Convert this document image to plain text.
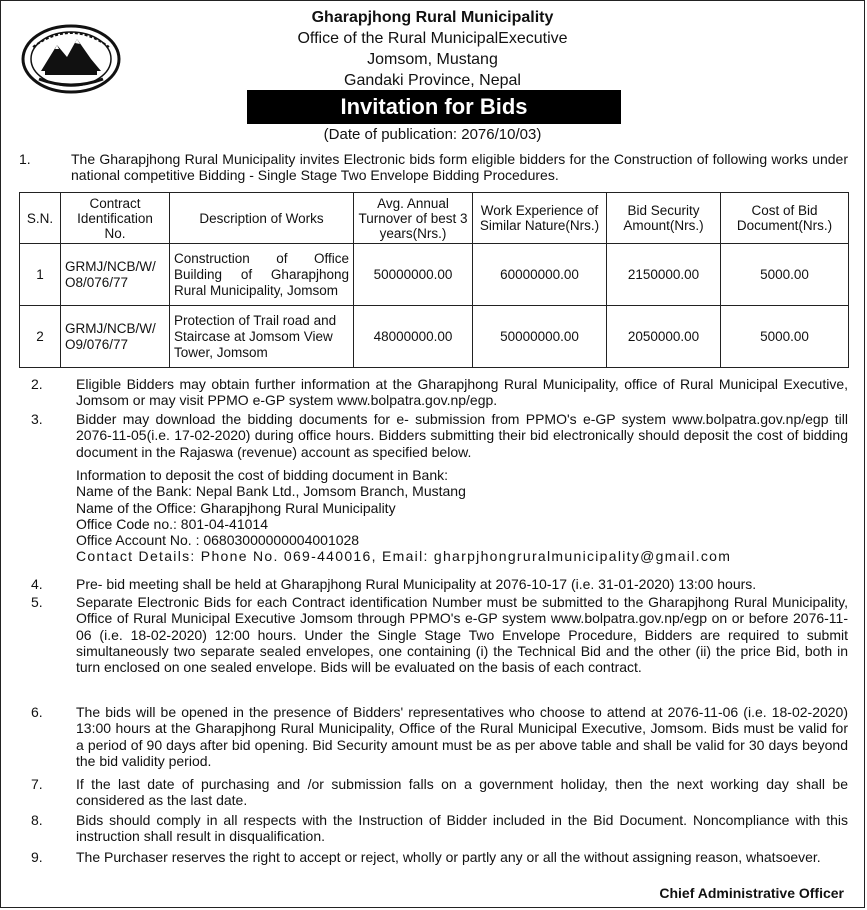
Gharapjhong Rural Municipality
Office of the Rural MunicipalExecutive
Jomsom, Mustang
Gandaki Province, Nepal
Invitation for Bids
(Date of publication: 2076/10/03)
1.	The Gharapjhong Rural Municipality invites Electronic bids form eligible bidders for the Construction of following works under national competitive Bidding - Single Stage Two Envelope Bidding Procedures.
S.N.	Contract Identification No.	Description of Works	Avg. Annual Turnover of best 3 years(Nrs.)	Work Experience of Similar Nature(Nrs.)	Bid Security Amount(Nrs.)	Cost of Bid Document(Nrs.)
1	GRMJ/NCB/W/ O8/076/77	Construction of Office Building of Gharapjhong Rural Municipality, Jomsom	50000000.00	60000000.00	2150000.00	5000.00
2	GRMJ/NCB/W/ O9/076/77	Protection of Trail road and Staircase at Jomsom View Tower, Jomsom	48000000.00	50000000.00	2050000.00	5000.00
2. Eligible Bidders may obtain further information at the Gharapjhong Rural Municipality, office of Rural Municipal Executive, Jomsom or may visit PPMO e-GP system www.bolpatra.gov.np/egp.
3. Bidder may download the bidding documents for e- submission from PPMO's e-GP system www.bolpatra.gov.np/egp till 2076-11-05(i.e. 17-02-2020) during office hours. Bidders submitting their bid electronically should deposit the cost of bidding document in the Rajaswa (revenue) account as specified below.
Information to deposit the cost of bidding document in Bank:
Name of the Bank: Nepal Bank Ltd., Jomsom Branch, Mustang
Name of the Office: Gharapjhong Rural Municipality
Office Code no.: 801-04-41014
Office Account No. : 06803000000004001028
Contact Details: Phone No. 069-440016, Email: gharpjhongruralmunicipality@gmail.com
4. Pre- bid meeting shall be held at Gharapjhong Rural Municipality at 2076-10-17 (i.e. 31-01-2020) 13:00 hours.
5. Separate Electronic Bids for each Contract identification Number must be submitted to the Gharapjhong Rural Municipality, Office of Rural Municipal Executive Jomsom through PPMO's e-GP system www.bolpatra.gov.np/egp on or before 2076-11-06 (i.e. 18-02-2020) 12:00 hours. Under the Single Stage Two Envelope Procedure, Bidders are required to submit simultaneously two separate sealed envelopes, one containing (i) the Technical Bid and the other (ii) the price Bid, both in turn enclosed on one sealed envelope. Bids will be evaluated on the basis of each contract.
6. The bids will be opened in the presence of Bidders' representatives who choose to attend at 2076-11-06 (i.e. 18-02-2020) 13:00 hours at the Gharapjhong Rural Municipality, Office of the Rural Municipal Executive, Jomsom. Bids must be valid for a period of 90 days after bid opening. Bid Security amount must be as per above table and shall be valid for 30 days beyond the bid validity period.
7. If the last date of purchasing and /or submission falls on a government holiday, then the next working day shall be considered as the last date.
8. Bids should comply in all respects with the Instruction of Bidder included in the Bid Document. Noncompliance with this instruction shall result in disqualification.
9. The Purchaser reserves the right to accept or reject, wholly or partly any or all the without assigning reason, whatsoever.
Chief Administrative Officer
